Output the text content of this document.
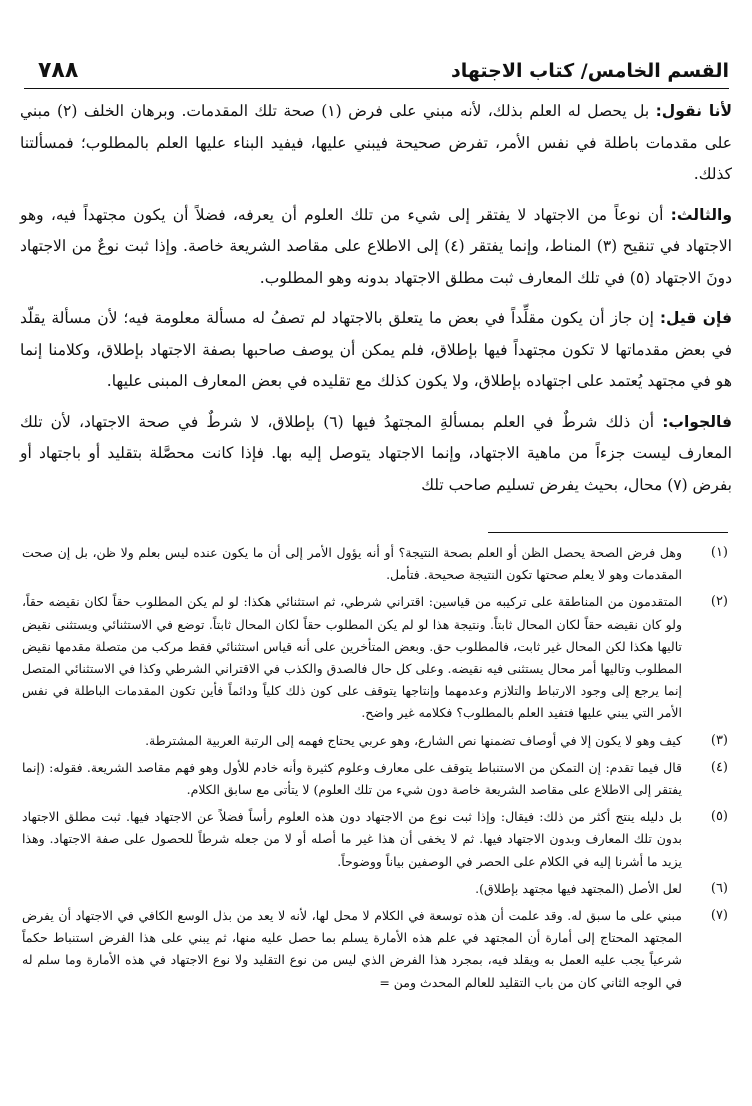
٧٨٨	القسم الخامس/ كتاب الاجتهاد

لأنا نقول: بل يحصل له العلم بذلك، لأنه مبني على فرض (١) صحة تلك المقدمات. وبرهان الخلف (٢) مبني على مقدمات باطلة في نفس الأمر، تفرض صحيحة فيبني عليها، فيفيد البناء عليها العلم بالمطلوب؛ فمسألتنا كذلك.

والثالث: أن نوعاً من الاجتهاد لا يفتقر إلى شيء من تلك العلوم أن يعرفه، فضلاً أن يكون مجتهداً فيه، وهو الاجتهاد في تنقيح (٣) المناط، وإنما يفتقر (٤) إلى الاطلاع على مقاصد الشريعة خاصة. وإذا ثبت نوعٌ من الاجتهاد دونَ الاجتهاد (٥) في تلك المعارف ثبت مطلق الاجتهاد بدونه وهو المطلوب.

فإن قيل: إن جاز أن يكون مقلِّداً في بعض ما يتعلق بالاجتهاد لم تصفُ له مسألة معلومة فيه؛ لأن مسألة يقلّد في بعض مقدماتها لا تكون مجتهداً فيها بإطلاق، فلم يمكن أن يوصف صاحبها بصفة الاجتهاد بإطلاق، وكلامنا إنما هو في مجتهد يُعتمد على اجتهاده بإطلاق، ولا يكون كذلك مع تقليده في بعض المعارف المبنى عليها.

فالجواب: أن ذلك شرطٌ في العلم بمسألةِ المجتهدُ فيها (٦) بإطلاق، لا شرطٌ في صحة الاجتهاد، لأن تلك المعارف ليست جزءاً من ماهية الاجتهاد، وإنما الاجتهاد يتوصل إليه بها. فإذا كانت محصَّلة بتقليد أو باجتهاد أو بفرض (٧) محال، بحيث يفرض تسليم صاحب تلك

(١)
وهل فرض الصحة يحصل الظن أو العلم بصحة النتيجة؟ أو أنه يؤول الأمر إلى أن ما يكون عنده ليس بعلم ولا ظن، بل إن صحت المقدمات وهو لا يعلم صحتها تكون النتيجة صحيحة. فتأمل.
(٢)
المتقدمون من المناطقة على تركيبه من قياسين: اقتراني شرطي، ثم استثنائي هكذا: لو لم يكن المطلوب حقاً لكان نقيضه حقاً، ولو كان نقيضه حقاً لكان المحال ثابتاً. ونتيجة هذا لو لم يكن المطلوب حقاً لكان المحال ثابتاً. توضع في الاستثنائي ويستثنى نقيض تاليها هكذا لكن المحال غير ثابت، فالمطلوب حق. وبعض المتأخرين على أنه قياس استثنائي فقط مركب من متصلة مقدمها نقيض المطلوب وتاليها أمر محال يستثنى فيه نقيضه. وعلى كل حال فالصدق والكذب في الاقتراني الشرطي وكذا في الاستثنائي المتصل إنما يرجع إلى وجود الارتباط والتلازم وعدمهما وإنتاجها يتوقف على كون ذلك كلياً ودائماً فأين تكون المقدمات الباطلة في نفس الأمر التي يبني عليها فتفيد العلم بالمطلوب؟ فكلامه غير واضح.
(٣)
كيف وهو لا يكون إلا في أوصاف تضمنها نص الشارع، وهو عربي يحتاج فهمه إلى الرتبة العربية المشترطة.
(٤)
قال فيما تقدم: إن التمكن من الاستنباط يتوقف على معارف وعلوم كثيرة وأنه خادم للأول وهو فهم مقاصد الشريعة. فقوله: (إنما يفتقر إلى الاطلاع على مقاصد الشريعة خاصة دون شيء من تلك العلوم) لا يتأتى مع سابق الكلام.
(٥)
بل دليله ينتج أكثر من ذلك: فيقال: وإذا ثبت نوع من الاجتهاد دون هذه العلوم رأساً فضلاً عن الاجتهاد فيها. ثبت مطلق الاجتهاد بدون تلك المعارف وبدون الاجتهاد فيها. ثم لا يخفى أن هذا غير ما أصله أو لا من جعله شرطاً للحصول على صفة الاجتهاد. وهذا يزيد ما أشرنا إليه في الكلام على الحصر في الوصفين بياناً ووضوحاً.
(٦)
لعل الأصل (المجتهد فيها مجتهد بإطلاق).
(٧)
مبني على ما سبق له. وقد علمت أن هذه توسعة في الكلام لا محل لها، لأنه لا يعد من بذل الوسع الكافي في الاجتهاد أن يفرض المجتهد المحتاج إلى أمارة أن المجتهد في علم هذه الأمارة يسلم بما حصل عليه منها، ثم يبني على هذا الفرض استنباط حكماً شرعياً يجب عليه العمل به ويقلد فيه، بمجرد هذا الفرض الذي ليس من نوع التقليد ولا نوع الاجتهاد في هذه الأمارة وما سلم له في الوجه الثاني كان من باب التقليد للعالم المحدث ومن =
